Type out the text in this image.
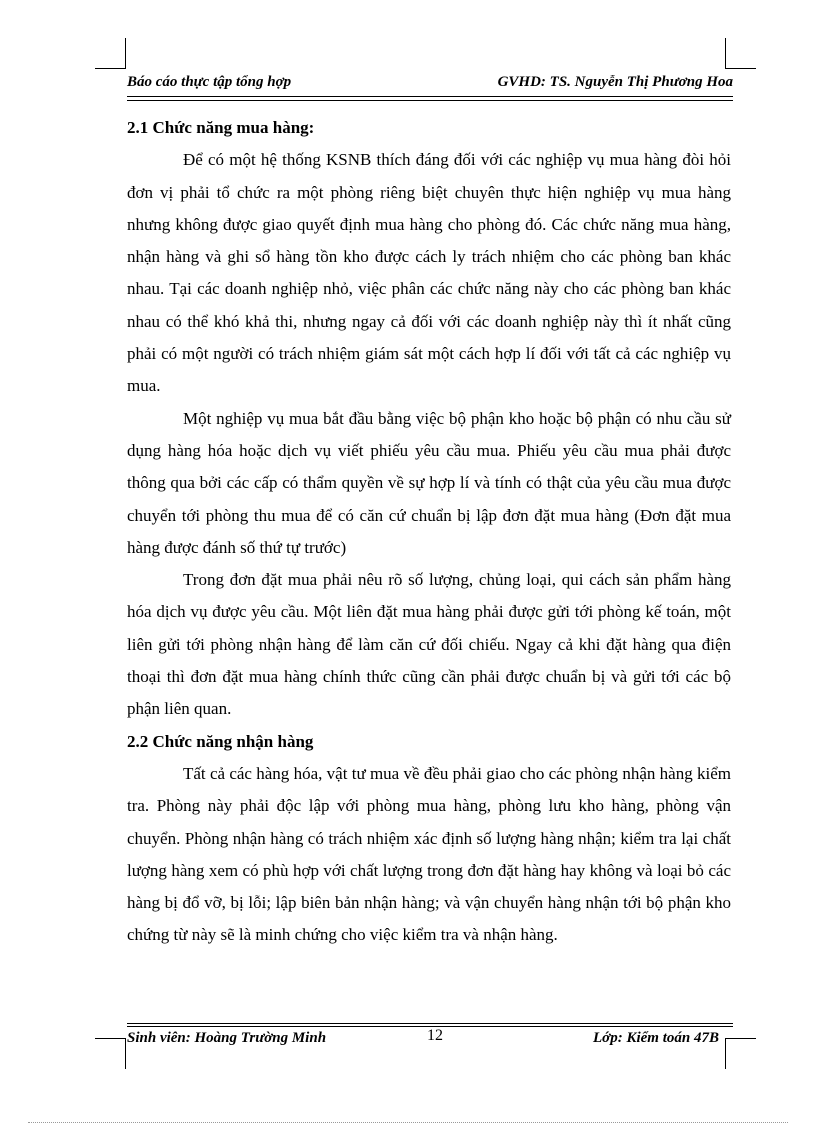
Báo cáo thực tập tổng hợp	GVHD: TS. Nguyễn Thị Phương Hoa
2.1 Chức năng mua hàng:

Để có một hệ thống KSNB thích đáng đối với các nghiệp vụ mua hàng đòi hỏi đơn vị phải tổ chức ra một phòng riêng biệt chuyên thực hiện nghiệp vụ mua hàng nhưng không được giao quyết định mua hàng cho phòng đó. Các chức năng mua hàng, nhận hàng và ghi sổ hàng tồn kho được cách ly trách nhiệm cho các phòng ban khác nhau. Tại các doanh nghiệp nhỏ, việc phân các chức năng này cho các phòng ban khác nhau có thể khó khả thi, nhưng ngay cả đối với các doanh nghiệp này thì ít nhất cũng phải có một người có trách nhiệm giám sát một cách hợp lí đối với tất cả các nghiệp vụ mua.

Một nghiệp vụ mua bắt đầu bằng việc bộ phận kho hoặc bộ phận có nhu cầu sử dụng hàng hóa hoặc dịch vụ viết phiếu yêu cầu mua. Phiếu yêu cầu mua phải được thông qua bởi các cấp có thẩm quyền về sự hợp lí và tính có thật của yêu cầu mua được chuyển tới phòng thu mua để có căn cứ chuẩn bị lập đơn đặt mua hàng (Đơn đặt mua hàng được đánh số thứ tự trước)

Trong đơn đặt mua phải nêu rõ số lượng, chủng loại, qui cách sản phẩm hàng hóa dịch vụ được yêu cầu. Một liên đặt mua hàng phải được gửi tới phòng kế toán, một liên gửi tới phòng nhận hàng để làm căn cứ đối chiếu. Ngay cả khi đặt hàng qua điện thoại thì đơn đặt mua hàng chính thức cũng cần phải được chuẩn bị và gửi tới các bộ phận liên quan.

2.2 Chức năng nhận hàng

Tất cả các hàng hóa, vật tư mua về đều phải giao cho các phòng nhận hàng kiểm tra. Phòng này phải độc lập với phòng mua hàng, phòng lưu kho hàng, phòng vận chuyển. Phòng nhận hàng có trách nhiệm xác định số lượng hàng nhận; kiểm tra lại chất lượng hàng xem có phù hợp với chất lượng trong đơn đặt hàng hay không và loại bỏ các hàng bị đổ vỡ, bị lỗi; lập biên bản nhận hàng; và vận chuyển hàng nhận tới bộ phận kho chứng từ này sẽ là minh chứng cho việc kiểm tra và nhận hàng.

Sinh viên: Hoàng Trường Minh	12	Lớp: Kiểm toán 47B
